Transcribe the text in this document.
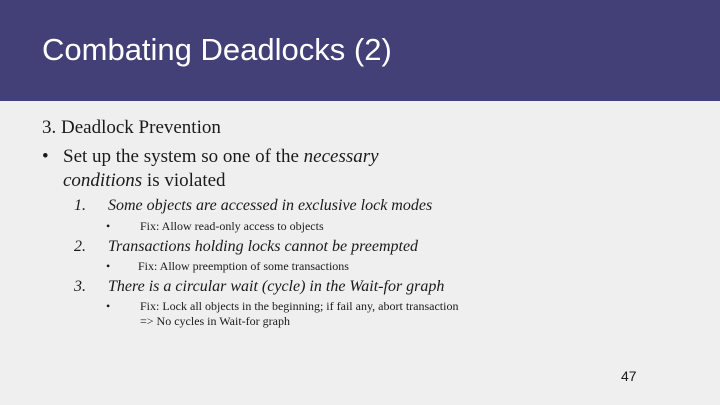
Combating Deadlocks (2)
3. Deadlock Prevention
• Set up the system so one of the necessary
conditions is violated
1. Some objects are accessed in exclusive lock modes
• Fix: Allow read-only access to objects
2. Transactions holding locks cannot be preempted
• Fix: Allow preemption of some transactions
3. There is a circular wait (cycle) in the Wait-for graph
• Fix: Lock all objects in the beginning; if fail any, abort transaction
=> No cycles in Wait-for graph
47
